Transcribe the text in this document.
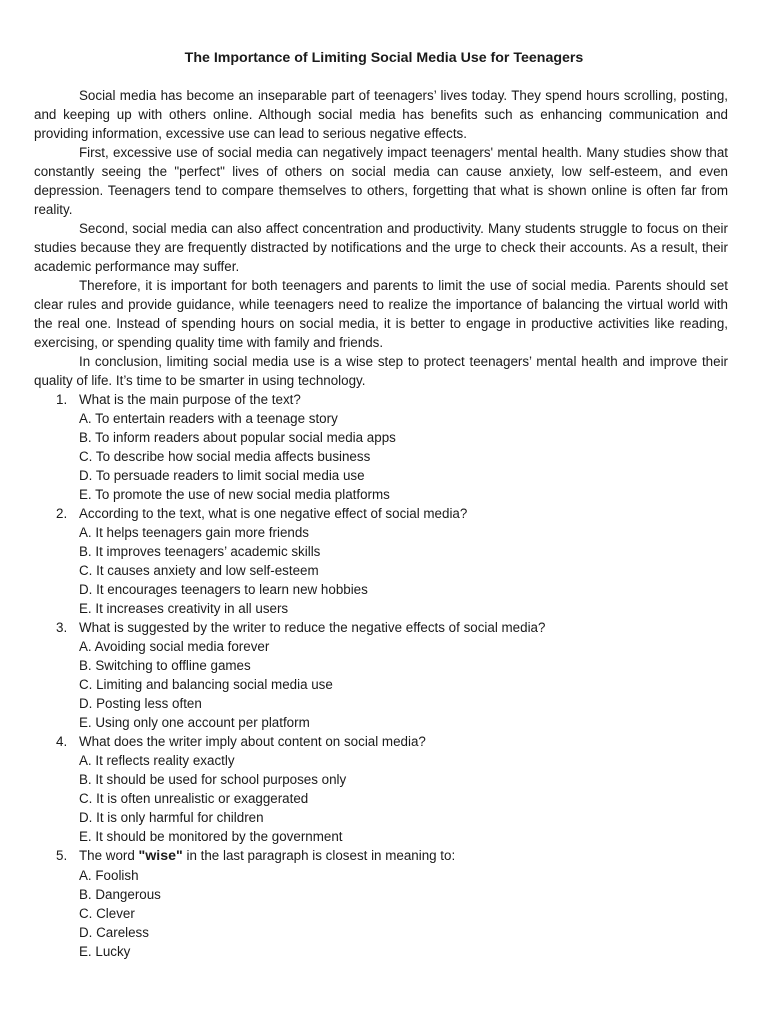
The Importance of Limiting Social Media Use for Teenagers

Social media has become an inseparable part of teenagers’ lives today. They spend hours scrolling, posting, and keeping up with others online. Although social media has benefits such as enhancing communication and providing information, excessive use can lead to serious negative effects.

First, excessive use of social media can negatively impact teenagers' mental health. Many studies show that constantly seeing the "perfect" lives of others on social media can cause anxiety, low self-esteem, and even depression. Teenagers tend to compare themselves to others, forgetting that what is shown online is often far from reality.

Second, social media can also affect concentration and productivity. Many students struggle to focus on their studies because they are frequently distracted by notifications and the urge to check their accounts. As a result, their academic performance may suffer.

Therefore, it is important for both teenagers and parents to limit the use of social media. Parents should set clear rules and provide guidance, while teenagers need to realize the importance of balancing the virtual world with the real one. Instead of spending hours on social media, it is better to engage in productive activities like reading, exercising, or spending quality time with family and friends.

In conclusion, limiting social media use is a wise step to protect teenagers’ mental health and improve their quality of life. It’s time to be smarter in using technology.

1. What is the main purpose of the text?
A. To entertain readers with a teenage story
B. To inform readers about popular social media apps
C. To describe how social media affects business
D. To persuade readers to limit social media use
E. To promote the use of new social media platforms
2. According to the text, what is one negative effect of social media?
A. It helps teenagers gain more friends
B. It improves teenagers’ academic skills
C. It causes anxiety and low self-esteem
D. It encourages teenagers to learn new hobbies
E. It increases creativity in all users
3. What is suggested by the writer to reduce the negative effects of social media?
A. Avoiding social media forever
B. Switching to offline games
C. Limiting and balancing social media use
D. Posting less often
E. Using only one account per platform
4. What does the writer imply about content on social media?
A. It reflects reality exactly
B. It should be used for school purposes only
C. It is often unrealistic or exaggerated
D. It is only harmful for children
E. It should be monitored by the government
5. The word "wise" in the last paragraph is closest in meaning to:
A. Foolish
B. Dangerous
C. Clever
D. Careless
E. Lucky
